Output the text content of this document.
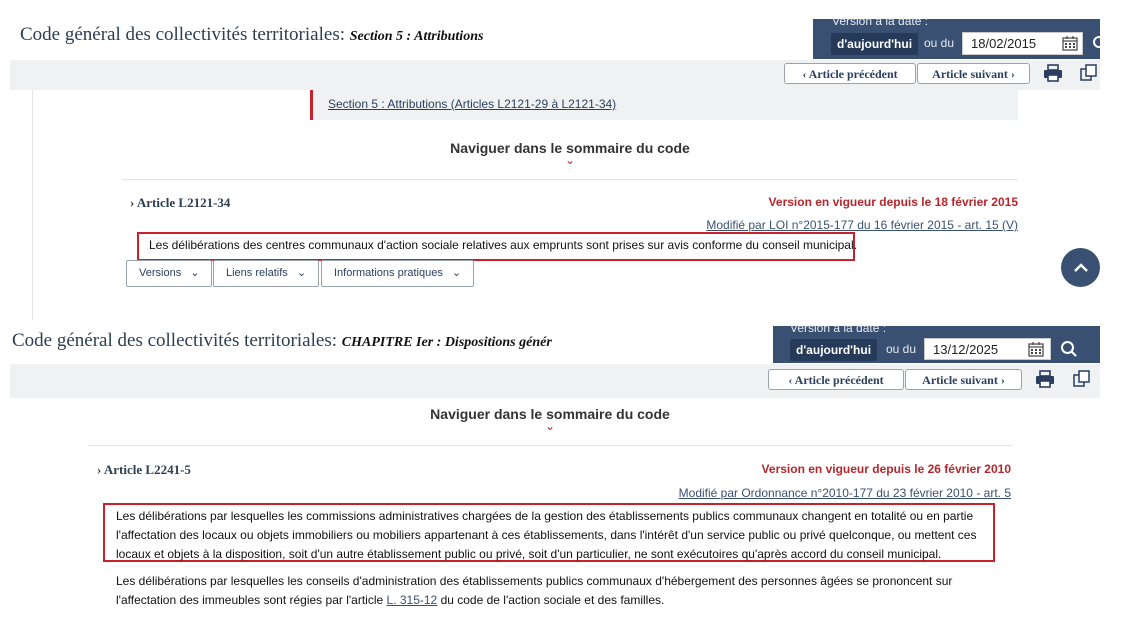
Code général des collectivités territoriales: Section 5 : Attributions
Version à la date :
d'aujourd'hui ou du	18/02/2015
‹ Article précédent	Article suivant ›
Section 5 : Attributions (Articles L2121-29 à L2121-34)
Naviguer dans le sommaire du code
⌄
› Article L2121-34	Version en vigueur depuis le 18 février 2015
Modifié par LOI n°2015-177 du 16 février 2015 - art. 15 (V)
Les délibérations des centres communaux d'action sociale relatives aux emprunts sont prises sur avis conforme du conseil municipal.
Versions ⌄	Liens relatifs ⌄	Informations pratiques ⌄
Code général des collectivités territoriales: CHAPITRE Ier : Dispositions génér
Version à la date :
d'aujourd'hui	ou du	13/12/2025
‹ Article précédent	Article suivant ›
Naviguer dans le sommaire du code
⌄
› Article L2241-5	Version en vigueur depuis le 26 février 2010
Modifié par Ordonnance n°2010-177 du 23 février 2010 - art. 5
Les délibérations par lesquelles les commissions administratives chargées de la gestion des établissements publics communaux changent en totalité ou en partie l'affectation des locaux ou objets immobiliers ou mobiliers appartenant à ces établissements, dans l'intérêt d'un service public ou privé quelconque, ou mettent ces locaux et objets à la disposition, soit d'un autre établissement public ou privé, soit d'un particulier, ne sont exécutoires qu'après accord du conseil municipal.
Les délibérations par lesquelles les conseils d'administration des établissements publics communaux d'hébergement des personnes âgées se prononcent sur l'affectation des immeubles sont régies par l'article L. 315-12 du code de l'action sociale et des familles.
